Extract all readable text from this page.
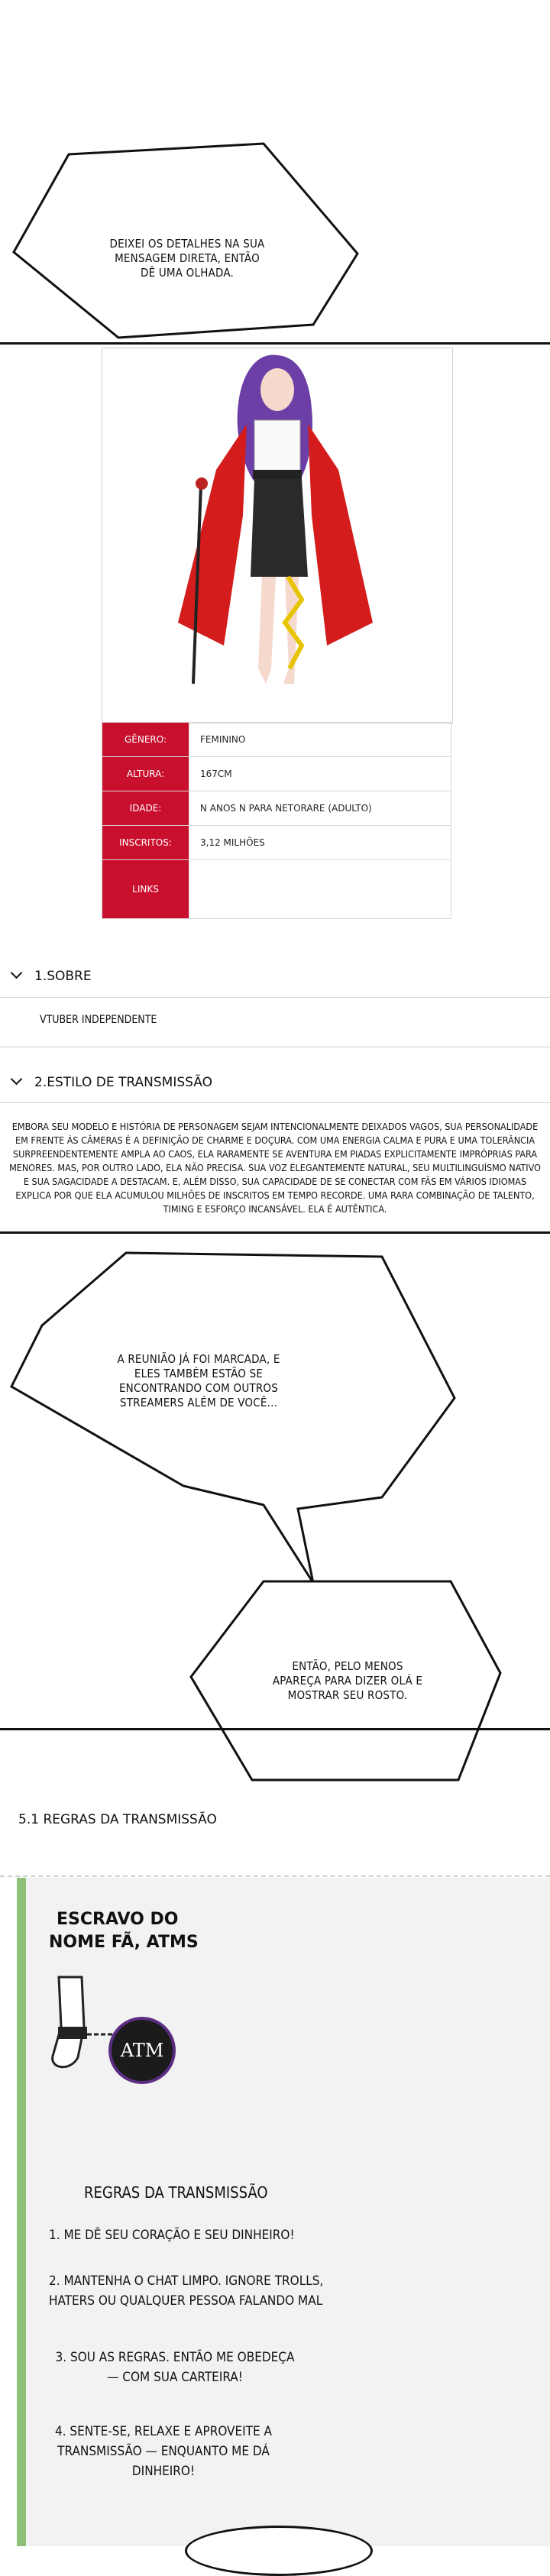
DEIXEI OS DETALHES NA SUA MENSAGEM DIRETA, ENTÃO DÊ UMA OLHADA.
GÊNERO:	FEMININO
ALTURA:	167CM
IDADE:	N ANOS N PARA NETORARE (ADULTO)
INSCRITOS:	3,12 MILHÕES
LINKS	
1.SOBRE
VTUBER INDEPENDENTE
2.ESTILO DE TRANSMISSÃO
EMBORA SEU MODELO E HISTÓRIA DE PERSONAGEM SEJAM INTENCIONALMENTE DEIXADOS VAGOS, SUA PERSONALIDADE EM FRENTE ÀS CÂMERAS É A DEFINIÇÃO DE CHARME E DOÇURA. COM UMA ENERGIA CALMA E PURA E UMA TOLERÂNCIA SURPREENDENTEMENTE AMPLA AO CAOS, ELA RARAMENTE SE AVENTURA EM PIADAS EXPLICITAMENTE IMPRÓPRIAS PARA MENORES. MAS, POR OUTRO LADO, ELA NÃO PRECISA. SUA VOZ ELEGANTEMENTE NATURAL, SEU MULTILINGUÍSMO NATIVO E SUA SAGACIDADE A DESTACAM. E, ALÉM DISSO, SUA CAPACIDADE DE SE CONECTAR COM FÃS EM VÁRIOS IDIOMAS EXPLICA POR QUE ELA ACUMULOU MILHÕES DE INSCRITOS EM TEMPO RECORDE. UMA RARA COMBINAÇÃO DE TALENTO, TIMING E ESFORÇO INCANSÁVEL. ELA É AUTÊNTICA.
A REUNIÃO JÁ FOI MARCADA, E ELES TAMBÉM ESTÃO SE ENCONTRANDO COM OUTROS STREAMERS ALÉM DE VOCÊ...
ENTÃO, PELO MENOS APAREÇA PARA DIZER OLÁ E MOSTRAR SEU ROSTO.
5.1 REGRAS DA TRANSMISSÃO
ESCRAVO DO
NOME FÃ, ATMS
ATM
REGRAS DA TRANSMISSÃO
1. ME DÊ SEU CORAÇÃO E SEU DINHEIRO!
2. MANTENHA O CHAT LIMPO. IGNORE TROLLS, HATERS OU QUALQUER PESSOA FALANDO MAL
3. SOU AS REGRAS. ENTÃO ME OBEDEÇA — COM SUA CARTEIRA!
4. SENTE-SE, RELAXE E APROVEITE A TRANSMISSÃO — ENQUANTO ME DÁ DINHEIRO!
